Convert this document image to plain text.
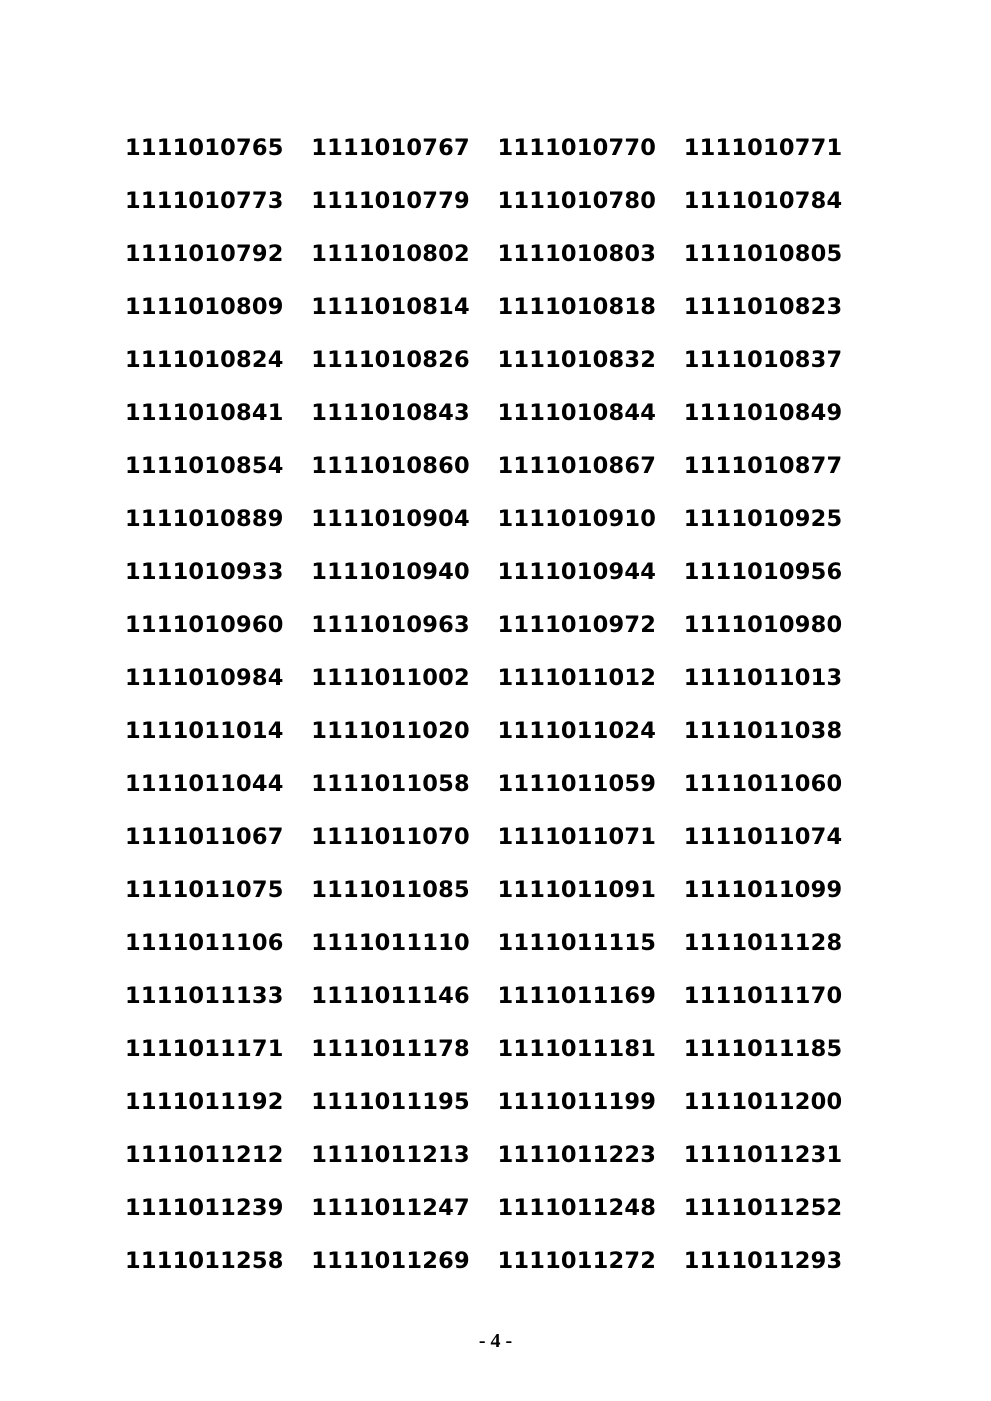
1111010765	1111010767	1111010770	1111010771
1111010773	1111010779	1111010780	1111010784
1111010792	1111010802	1111010803	1111010805
1111010809	1111010814	1111010818	1111010823
1111010824	1111010826	1111010832	1111010837
1111010841	1111010843	1111010844	1111010849
1111010854	1111010860	1111010867	1111010877
1111010889	1111010904	1111010910	1111010925
1111010933	1111010940	1111010944	1111010956
1111010960	1111010963	1111010972	1111010980
1111010984	1111011002	1111011012	1111011013
1111011014	1111011020	1111011024	1111011038
1111011044	1111011058	1111011059	1111011060
1111011067	1111011070	1111011071	1111011074
1111011075	1111011085	1111011091	1111011099
1111011106	1111011110	1111011115	1111011128
1111011133	1111011146	1111011169	1111011170
1111011171	1111011178	1111011181	1111011185
1111011192	1111011195	1111011199	1111011200
1111011212	1111011213	1111011223	1111011231
1111011239	1111011247	1111011248	1111011252
1111011258	1111011269	1111011272	1111011293
- 4 -
